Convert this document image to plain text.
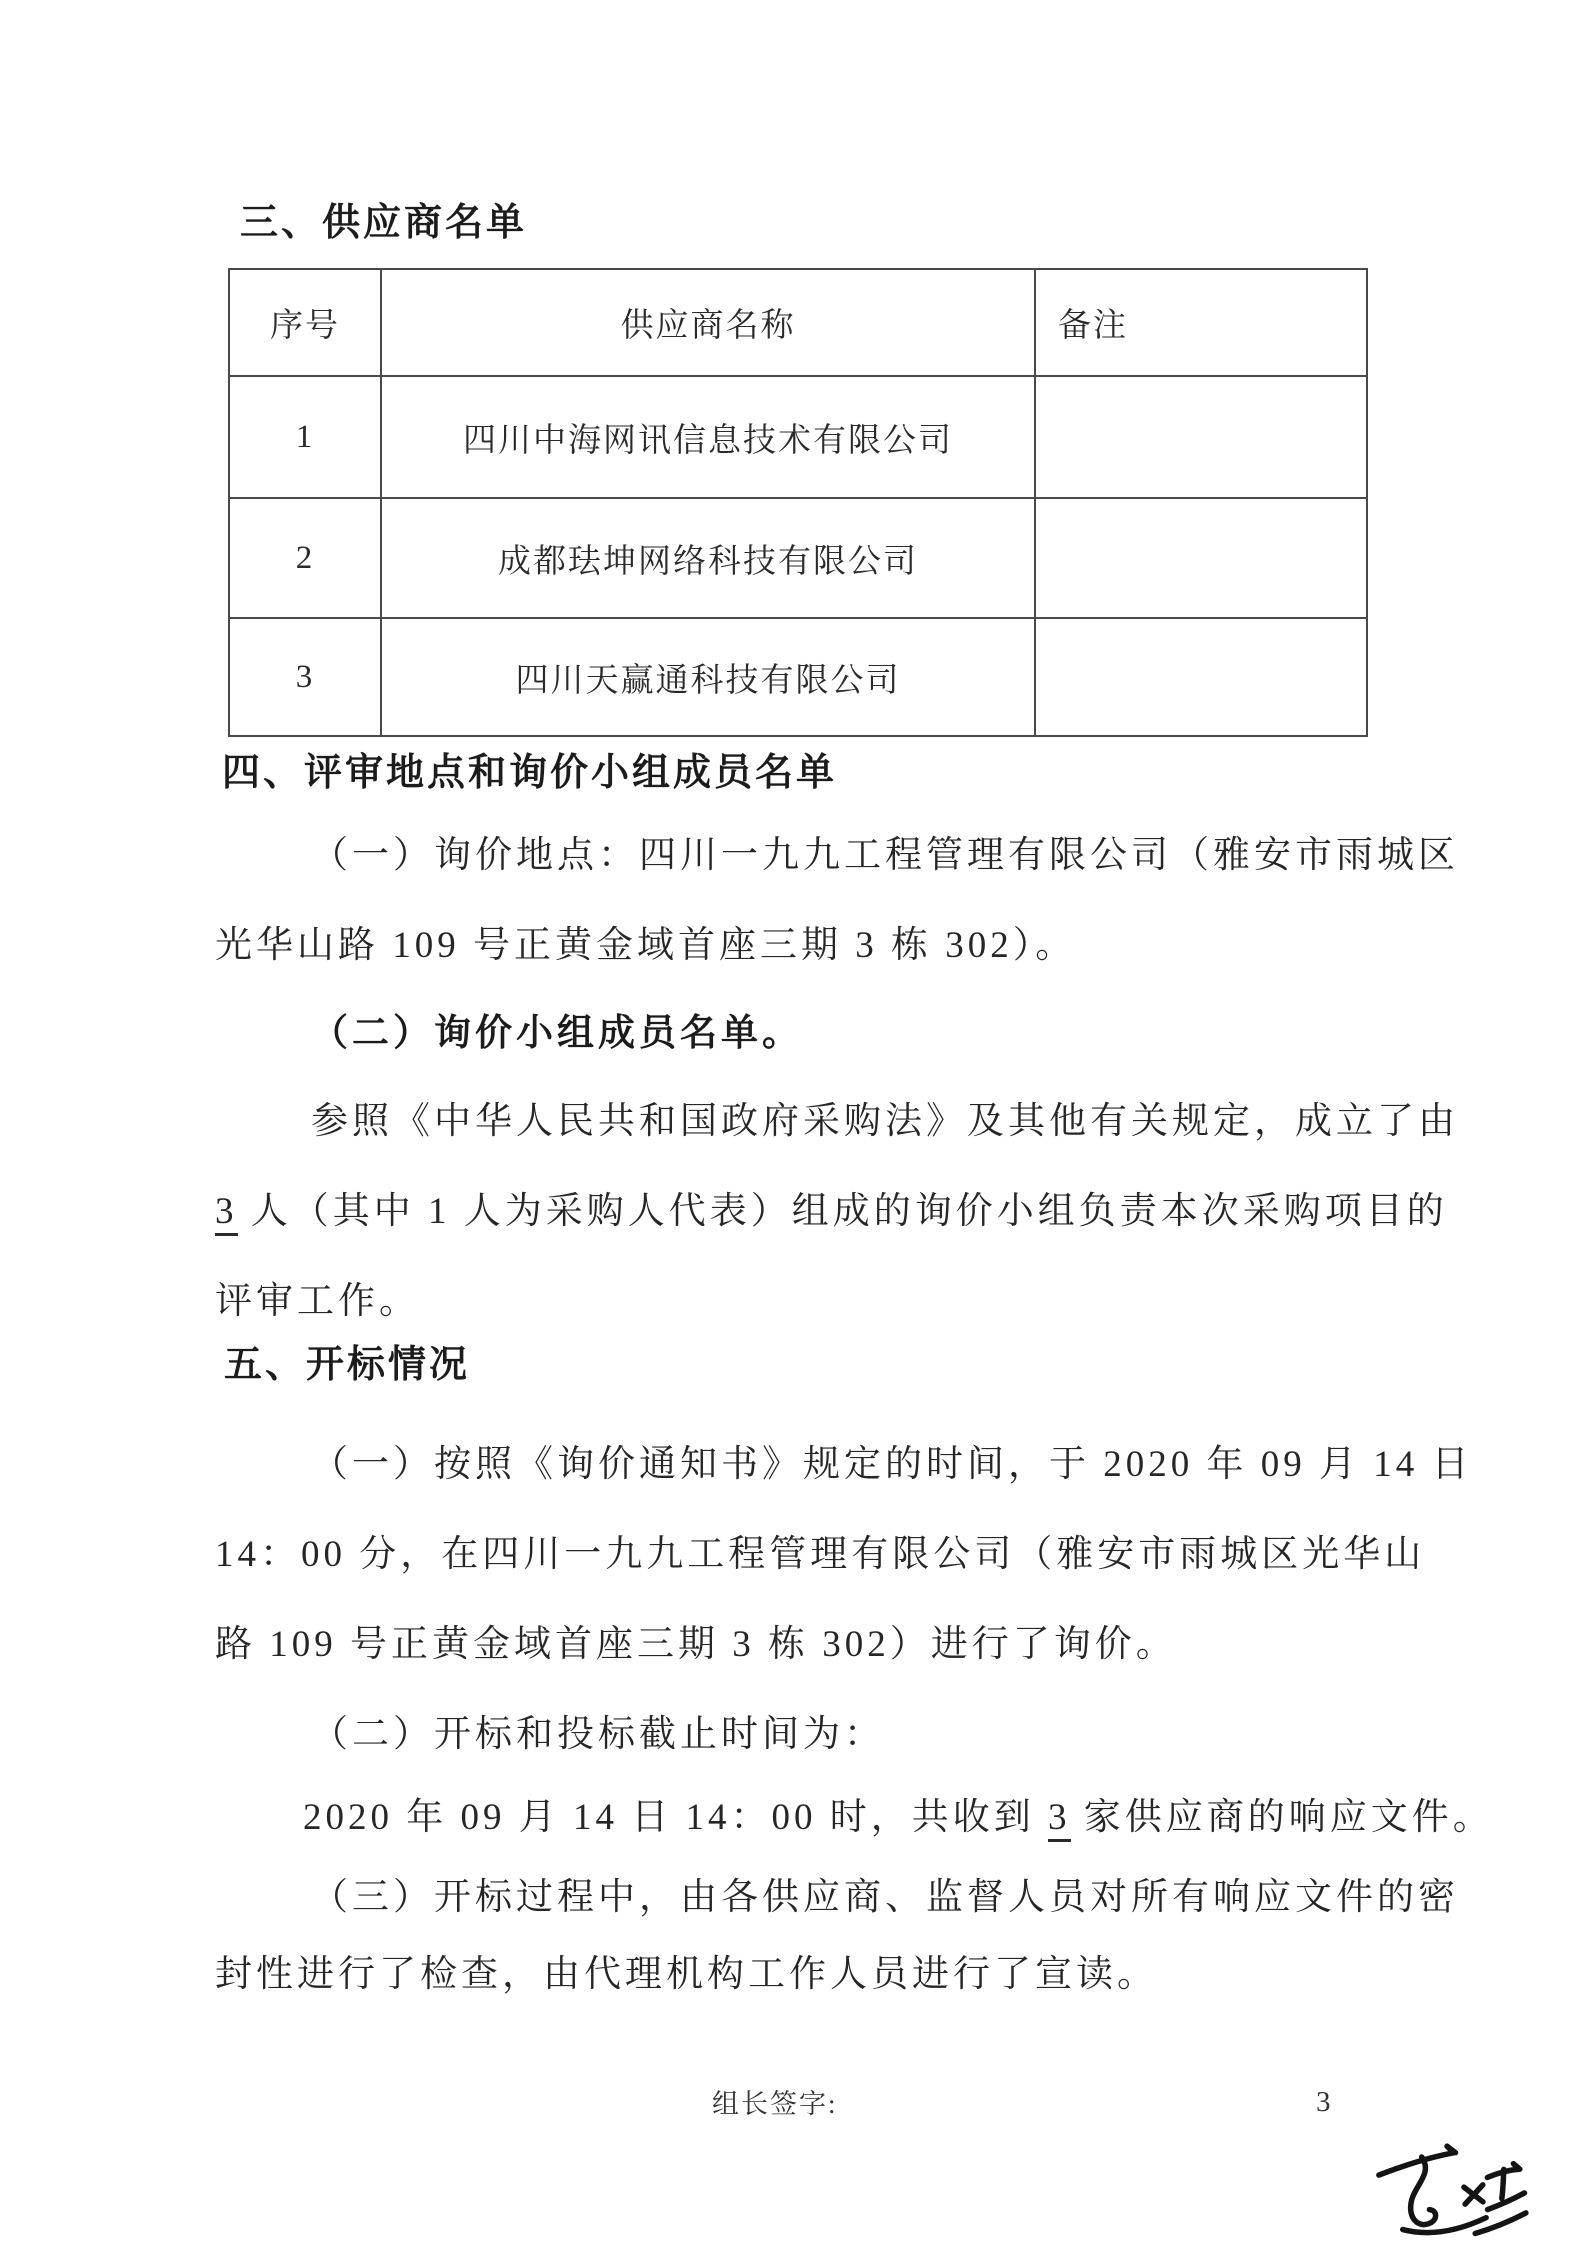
三、供应商名单
序号	供应商名称	备注
1	四川中海网讯信息技术有限公司	
2	成都珐坤网络科技有限公司	
3	四川天赢通科技有限公司	
四、评审地点和询价小组成员名单
（一）询价地点：四川一九九工程管理有限公司（雅安市雨城区
光华山路 109 号正黄金域首座三期 3 栋 302）。
（二）询价小组成员名单。
参照《中华人民共和国政府采购法》及其他有关规定，成立了由
3 人（其中 1 人为采购人代表）组成的询价小组负责本次采购项目的
评审工作。
五、开标情况
（一）按照《询价通知书》规定的时间，于 2020 年 09 月 14 日
14：00 分，在四川一九九工程管理有限公司（雅安市雨城区光华山
路 109 号正黄金域首座三期 3 栋 302）进行了询价。
（二）开标和投标截止时间为：
2020 年 09 月 14 日 14：00 时，共收到 3 家供应商的响应文件。
（三）开标过程中，由各供应商、监督人员对所有响应文件的密
封性进行了检查，由代理机构工作人员进行了宣读。
组长签字:	3
